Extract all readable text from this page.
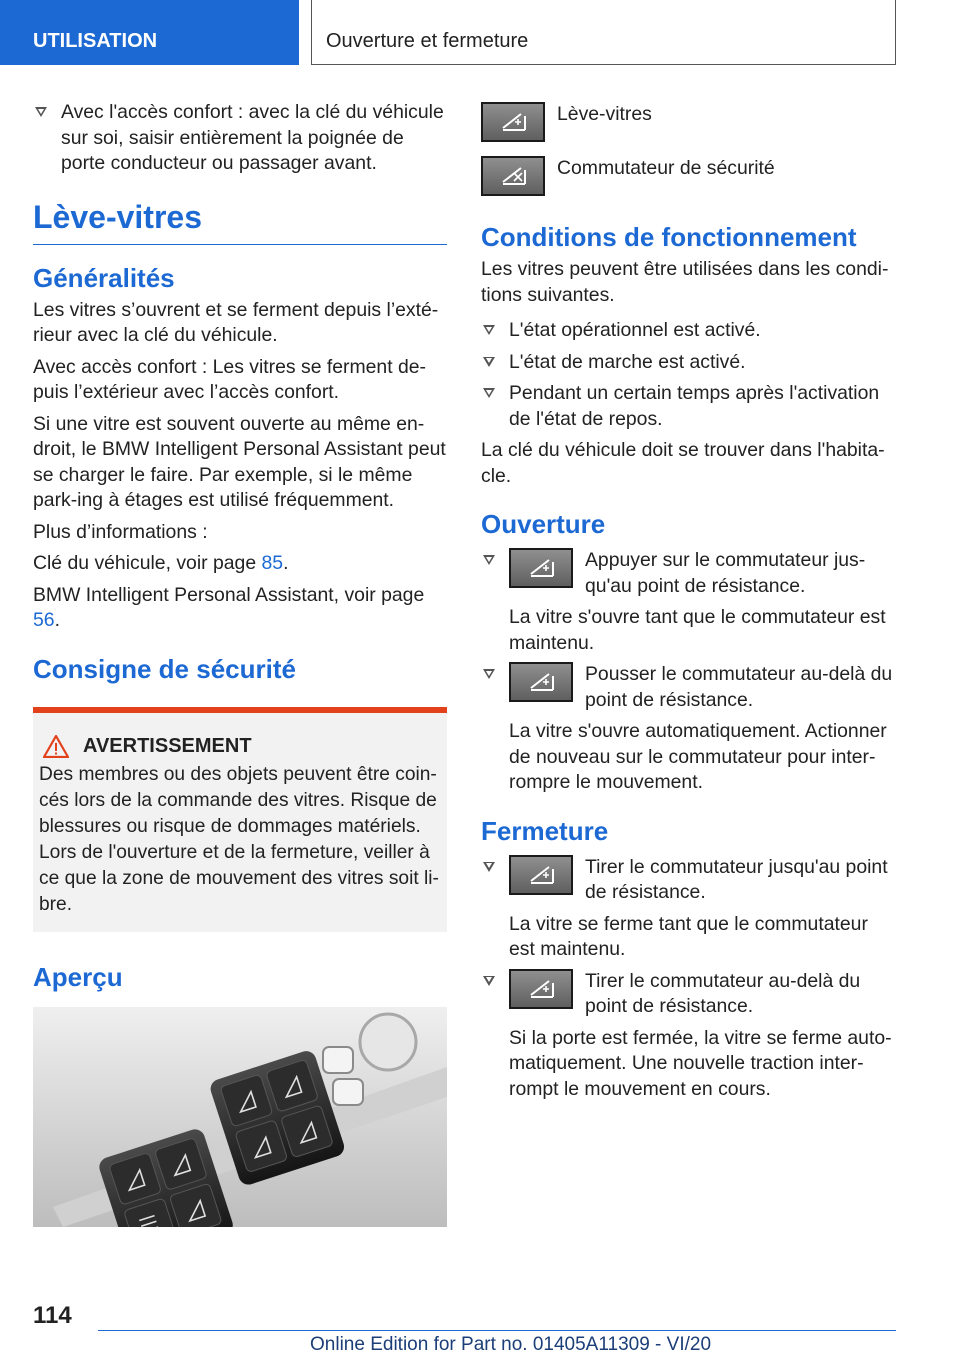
UTILISATION	Ouverture et fermeture
Avec l'accès confort : avec la clé du véhicule sur soi, saisir entièrement la poignée de porte conducteur ou passager avant.
Lève-vitres
Généralités

Les vitres s’ouvrent et se ferment depuis l’exté-rieur avec la clé du véhicule.

Avec accès confort : Les vitres se ferment de-puis l’extérieur avec l’accès confort.

Si une vitre est souvent ouverte au même en-droit, le BMW Intelligent Personal Assistant peut se charger le faire. Par exemple, si le même park-ing à étages est utilisé fréquemment.

Plus d’informations :

Clé du véhicule, voir page 85.

BMW Intelligent Personal Assistant, voir page 56.

Consigne de sécurité
AVERTISSEMENT

Des membres ou des objets peuvent être coin-cés lors de la commande des vitres. Risque de blessures ou risque de dommages matériels. Lors de l'ouverture et de la fermeture, veiller à ce que la zone de mouvement des vitres soit li-bre.

Aperçu
Lève-vitres
Commutateur de sécurité
Conditions de fonctionnement

Les vitres peuvent être utilisées dans les condi-tions suivantes.

L'état opérationnel est activé.
L'état de marche est activé.
Pendant un certain temps après l'activation de l'état de repos.

La clé du véhicule doit se trouver dans l'habita-cle.

Ouverture
Appuyer sur le commutateur jus-qu'au point de résistance.
La vitre s'ouvre tant que le commutateur est maintenu.
Pousser le commutateur au-delà du point de résistance.
La vitre s'ouvre automatiquement. Actionner de nouveau sur le commutateur pour inter-rompre le mouvement.
Fermeture
Tirer le commutateur jusqu'au point de résistance.
La vitre se ferme tant que le commutateur est maintenu.
Tirer le commutateur au-delà du point de résistance.
Si la porte est fermée, la vitre se ferme auto-matiquement. Une nouvelle traction inter-rompt le mouvement en cours.
114
Online Edition for Part no. 01405A11309 - VI/20
